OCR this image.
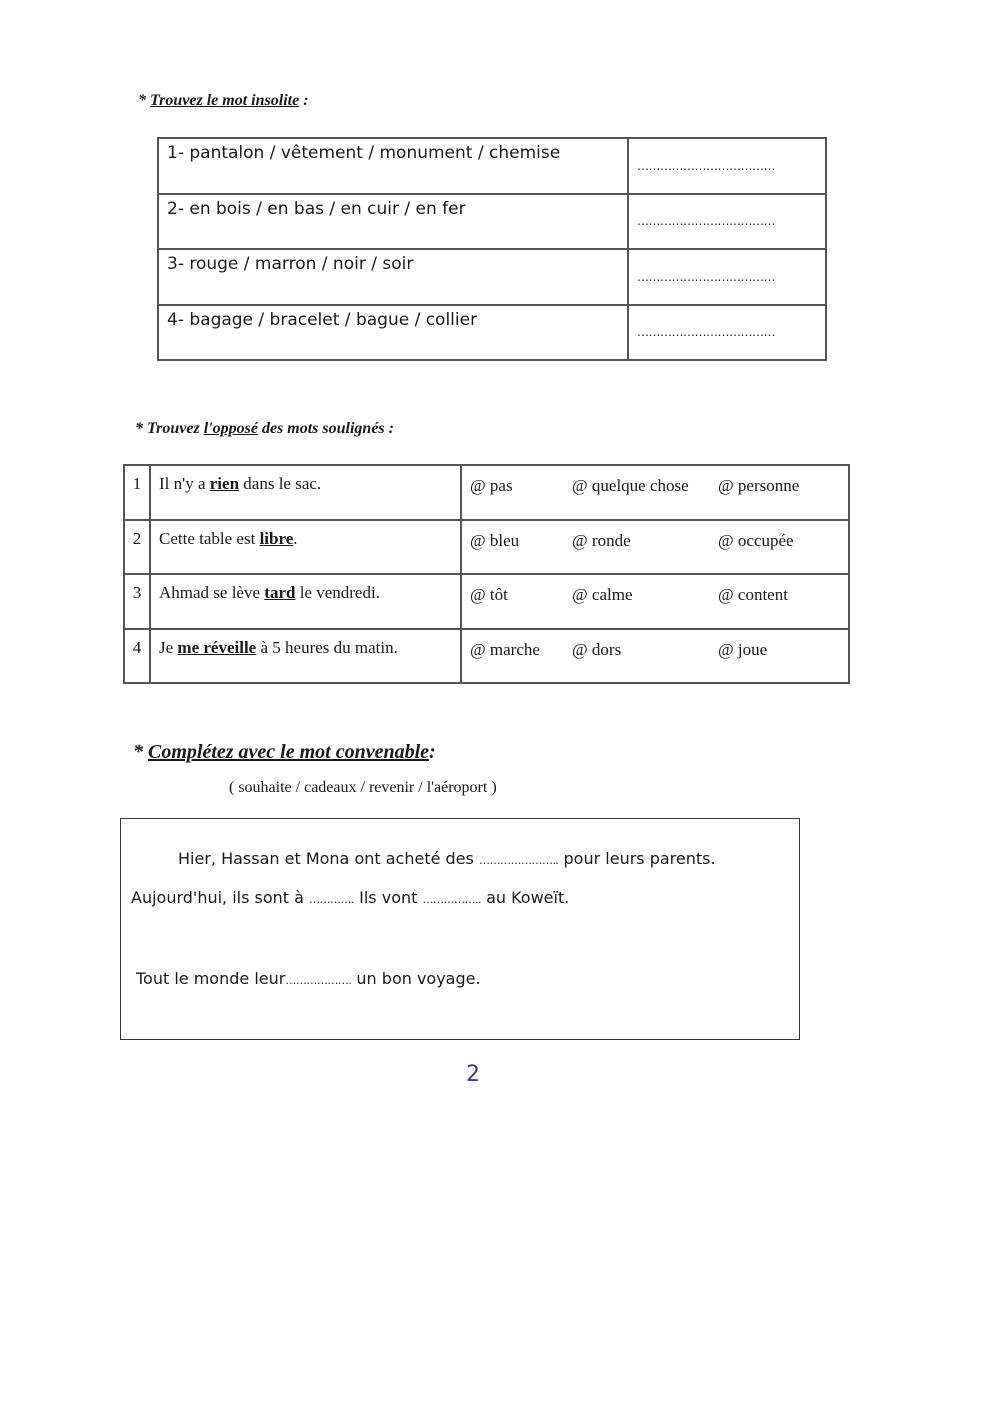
* Trouvez le mot insolite :
1- pantalon / vêtement / monument / chemise	………………………………
2- en bois / en bas / en cuir / en fer	………………………………
3- rouge / marron / noir / soir	………………………………
4- bagage / bracelet / bague / collier	………………………………
* Trouvez l'opposé des mots soulignés :
1	Il n'y a rien dans le sac.	@ pas @ quelque chose @ personne
2	Cette table est libre.	@ bleu @ ronde @ occupée
3	Ahmad se lève tard le vendredi.	@ tôt @ calme @ content
4	Je me réveille à 5 heures du matin.	@ marche @ dors @ joue
* Complétez avec le mot convenable:
( souhaite / cadeaux / revenir / l'aéroport )
Hier, Hassan et Mona ont acheté des ………………….. pour leurs parents.
Aujourd'hui, ils sont à …………. Ils vont …………….. au Koweït.
Tout le monde leur………………. un bon voyage.
2
